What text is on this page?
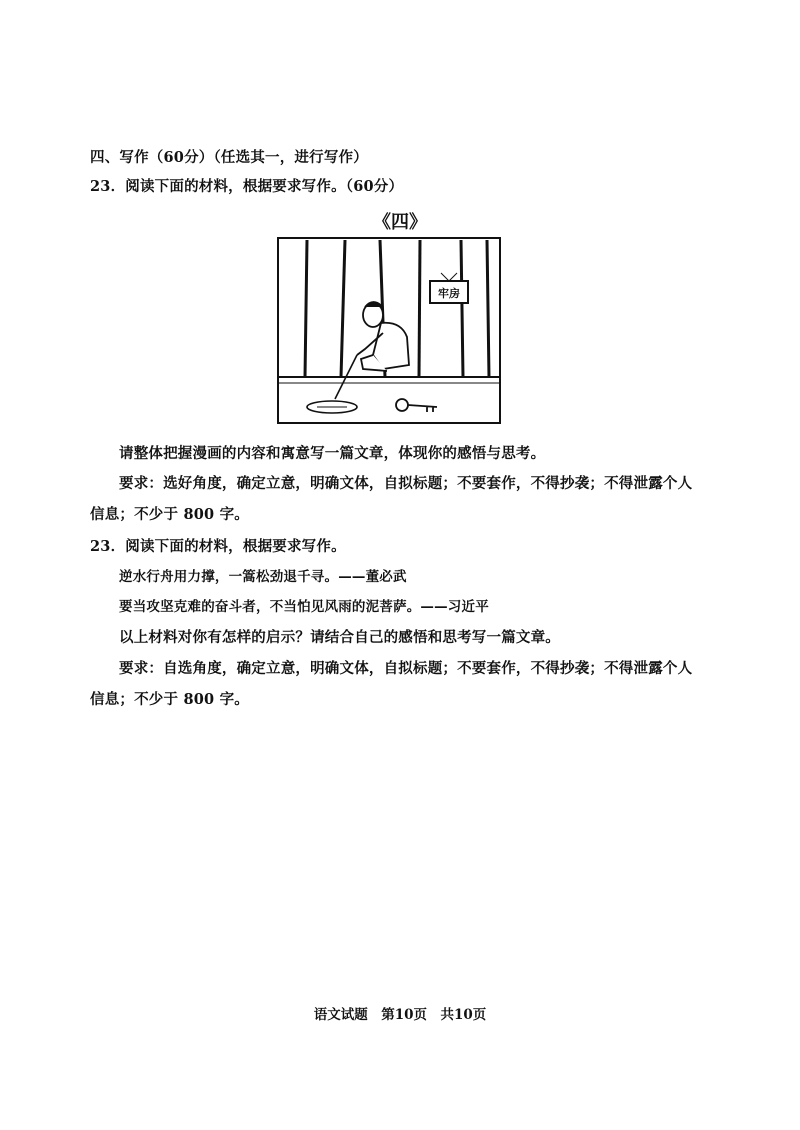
四、写作（60分）（任选其一，进行写作）
23．阅读下面的材料，根据要求写作。（60分）
《四》
牢房
请整体把握漫画的内容和寓意写一篇文章，体现你的感悟与思考。
要求：选好角度，确定立意，明确文体，自拟标题；不要套作，不得抄袭；不得泄露个人
信息；不少于 800 字。
23．阅读下面的材料，根据要求写作。
逆水行舟用力撑，一篙松劲退千寻。——董必武
要当攻坚克难的奋斗者，不当怕见风雨的泥菩萨。——习近平
以上材料对你有怎样的启示？请结合自己的感悟和思考写一篇文章。
要求：自选角度，确定立意，明确文体，自拟标题；不要套作，不得抄袭；不得泄露个人
信息；不少于 800 字。
语文试题　第10页　共10页
